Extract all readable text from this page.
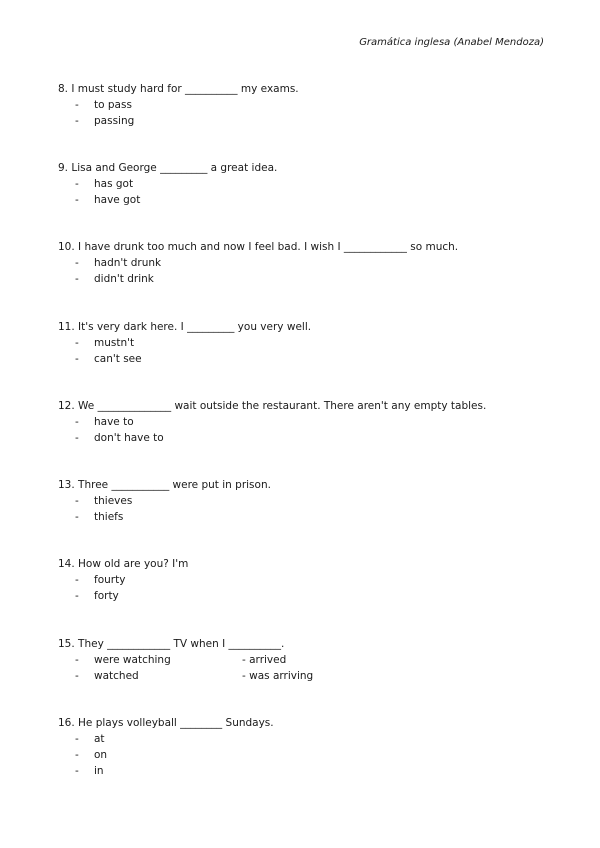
Gramática inglesa (Anabel Mendoza)
8. I must study hard for __________ my exams.
- to pass
- passing
9. Lisa and George _________ a great idea.
- has got
- have got
10. I have drunk too much and now I feel bad. I wish I ____________ so much.
- hadn't drunk
- didn't drink
11. It's very dark here. I _________ you very well.
- mustn't
- can't see
12. We ______________ wait outside the restaurant. There aren't any empty tables.
- have to
- don't have to
13. Three ___________ were put in prison.
- thieves
- thiefs
14. How old are you? I'm
- fourty
- forty
15. They ____________ TV when I __________.
- were watching	- arrived
- watched	- was arriving
16. He plays volleyball ________ Sundays.
- at
- on
- in
